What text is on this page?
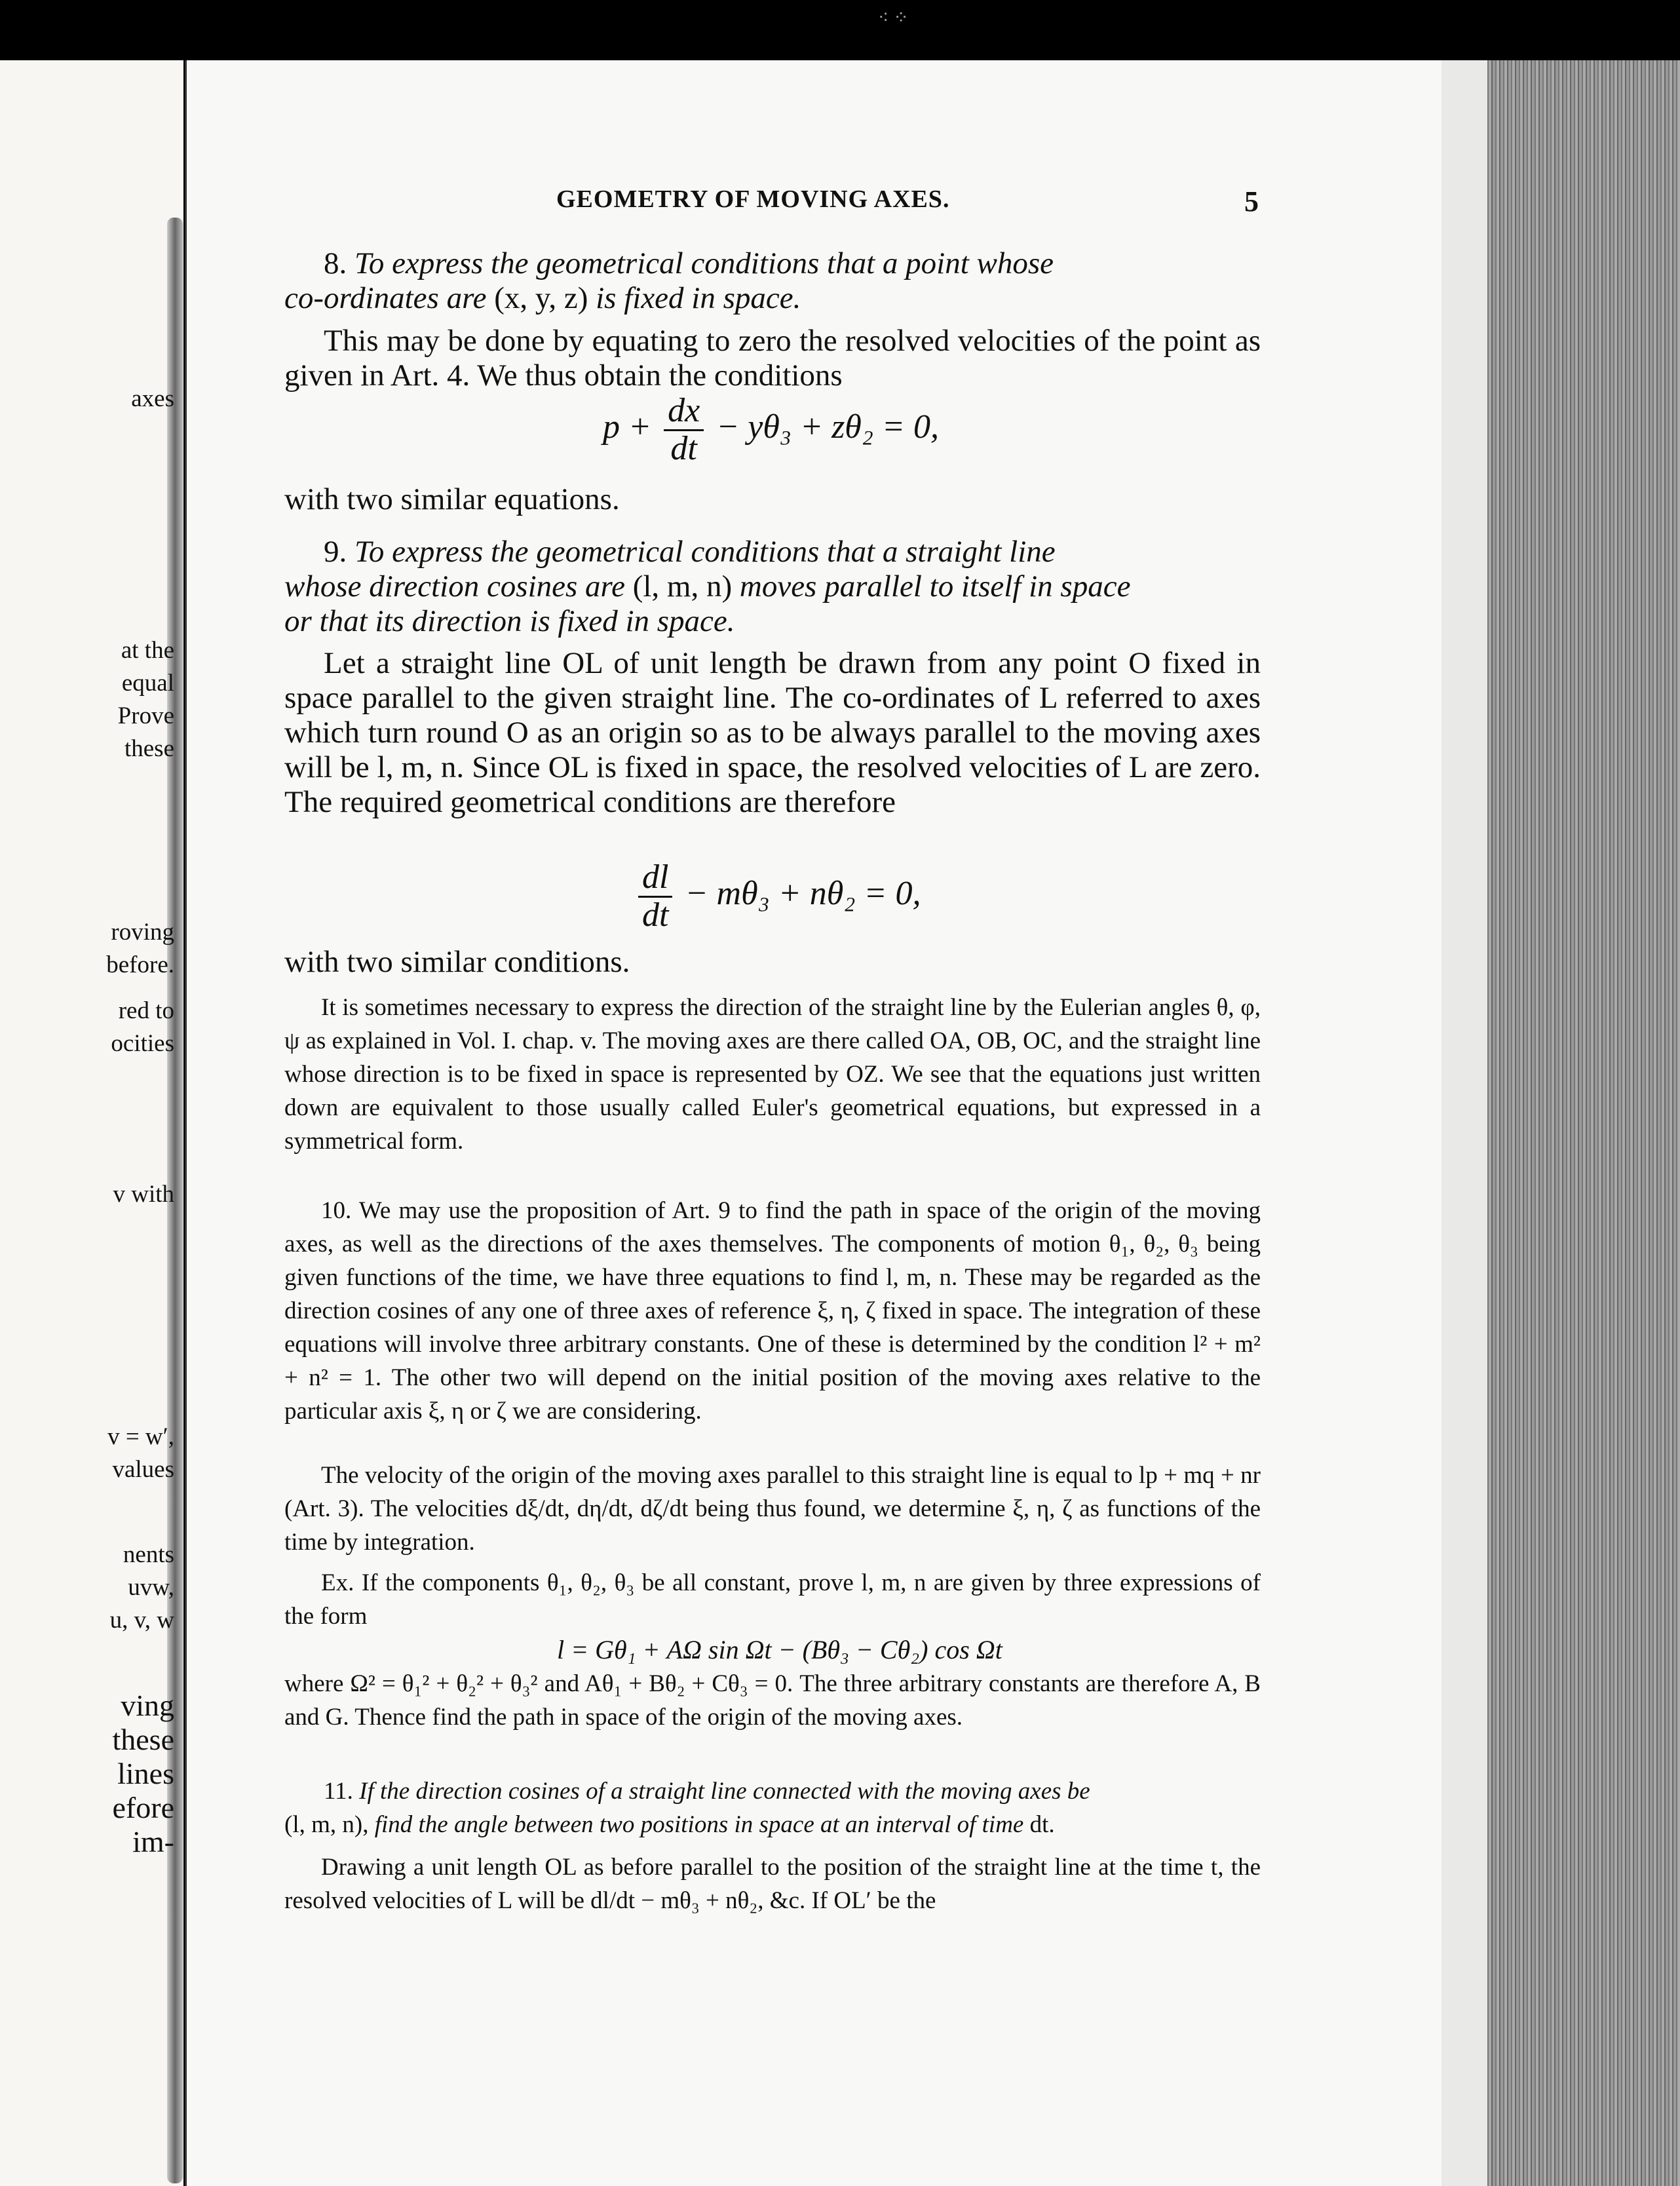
⁖ ⁘
axes
at the
equal
Prove
these
roving
before.
red to
ocities
v with
v = w′,
values
nents
uvw,
u, v, w
ving
these
lines
efore
im-
GEOMETRY OF MOVING AXES.	5
8. To express the geometrical conditions that a point whose
co-ordinates are (x, y, z) is fixed in space.
This may be done by equating to zero the resolved velocities of the point as given in Art. 4. We thus obtain the conditions
$p + \frac{dx}{dt} - y\theta_3 + z\theta_2 = 0$,
with two similar equations.
9. To express the geometrical conditions that a straight line
whose direction cosines are (l, m, n) moves parallel to itself in space
or that its direction is fixed in space.
Let a straight line OL of unit length be drawn from any point O fixed in space parallel to the given straight line. The co-ordinates of L referred to axes which turn round O as an origin so as to be always parallel to the moving axes will be l, m, n. Since OL is fixed in space, the resolved velocities of L are zero. The required geometrical conditions are therefore
$\frac{dl}{dt} - m\theta_3 + n\theta_2 = 0$,
with two similar conditions.
It is sometimes necessary to express the direction of the straight line by the Eulerian angles θ, φ, ψ as explained in Vol. I. chap. v. The moving axes are there called OA, OB, OC, and the straight line whose direction is to be fixed in space is represented by OZ. We see that the equations just written down are equivalent to those usually called Euler's geometrical equations, but expressed in a symmetrical form.
10. We may use the proposition of Art. 9 to find the path in space of the origin of the moving axes, as well as the directions of the axes themselves. The components of motion θ₁, θ₂, θ₃ being given functions of the time, we have three equations to find l, m, n. These may be regarded as the direction cosines of any one of three axes of reference ξ, η, ζ fixed in space. The integration of these equations will involve three arbitrary constants. One of these is determined by the condition l² + m² + n² = 1. The other two will depend on the initial position of the moving axes relative to the particular axis ξ, η or ζ we are considering.
The velocity of the origin of the moving axes parallel to this straight line is equal to lp + mq + nr (Art. 3). The velocities dξ/dt, dη/dt, dζ/dt being thus found, we determine ξ, η, ζ as functions of the time by integration.
Ex. If the components θ₁, θ₂, θ₃ be all constant, prove l, m, n are given by three expressions of the form
l = Gθ₁ + AΩ sin Ωt − (Bθ₃ − Cθ₂) cos Ωt
where Ω² = θ₁² + θ₂² + θ₃² and Aθ₁ + Bθ₂ + Cθ₃ = 0. The three arbitrary constants are therefore A, B and G. Thence find the path in space of the origin of the moving axes.
11. If the direction cosines of a straight line connected with the moving axes be
(l, m, n), find the angle between two positions in space at an interval of time dt.
Drawing a unit length OL as before parallel to the position of the straight line at the time t, the resolved velocities of L will be dl/dt − mθ₃ + nθ₂, &c. If OL′ be the
